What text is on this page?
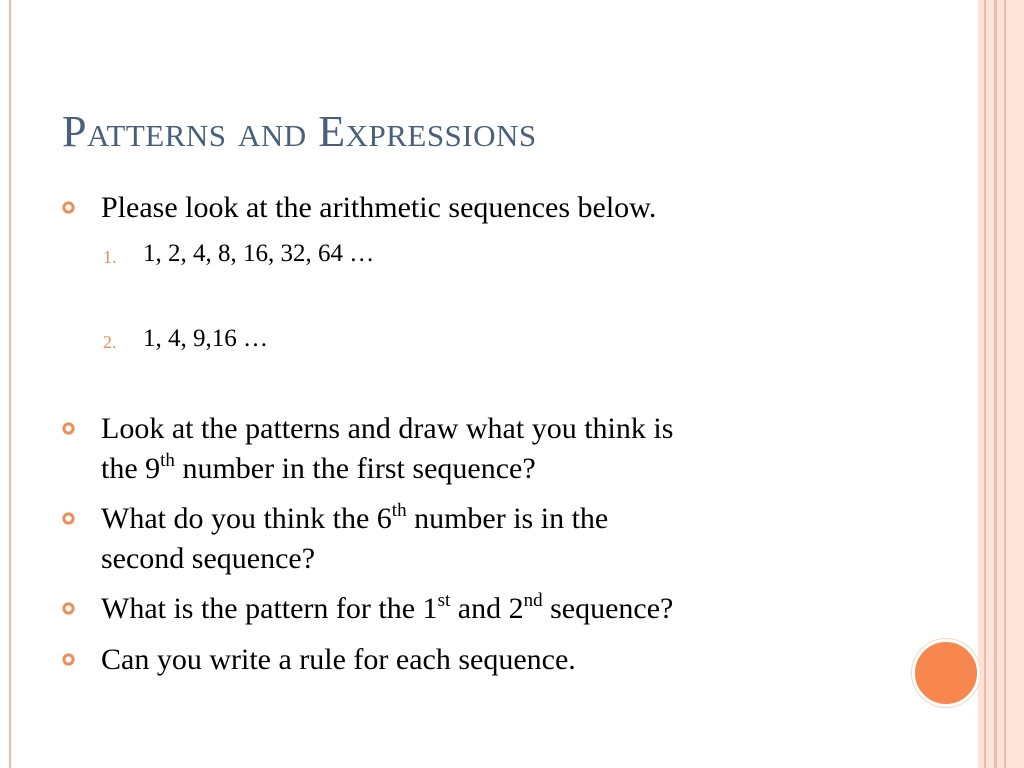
Patterns and Expressions
Please look at the arithmetic sequences below.
1. 1, 2, 4, 8, 16, 32, 64 …
2. 1, 4, 9,16 …
Look at the patterns and draw what you think is
the 9th number in the first sequence?
What do you think the 6th number is in the
second sequence?
What is the pattern for the 1st and 2nd sequence?
Can you write a rule for each sequence.
